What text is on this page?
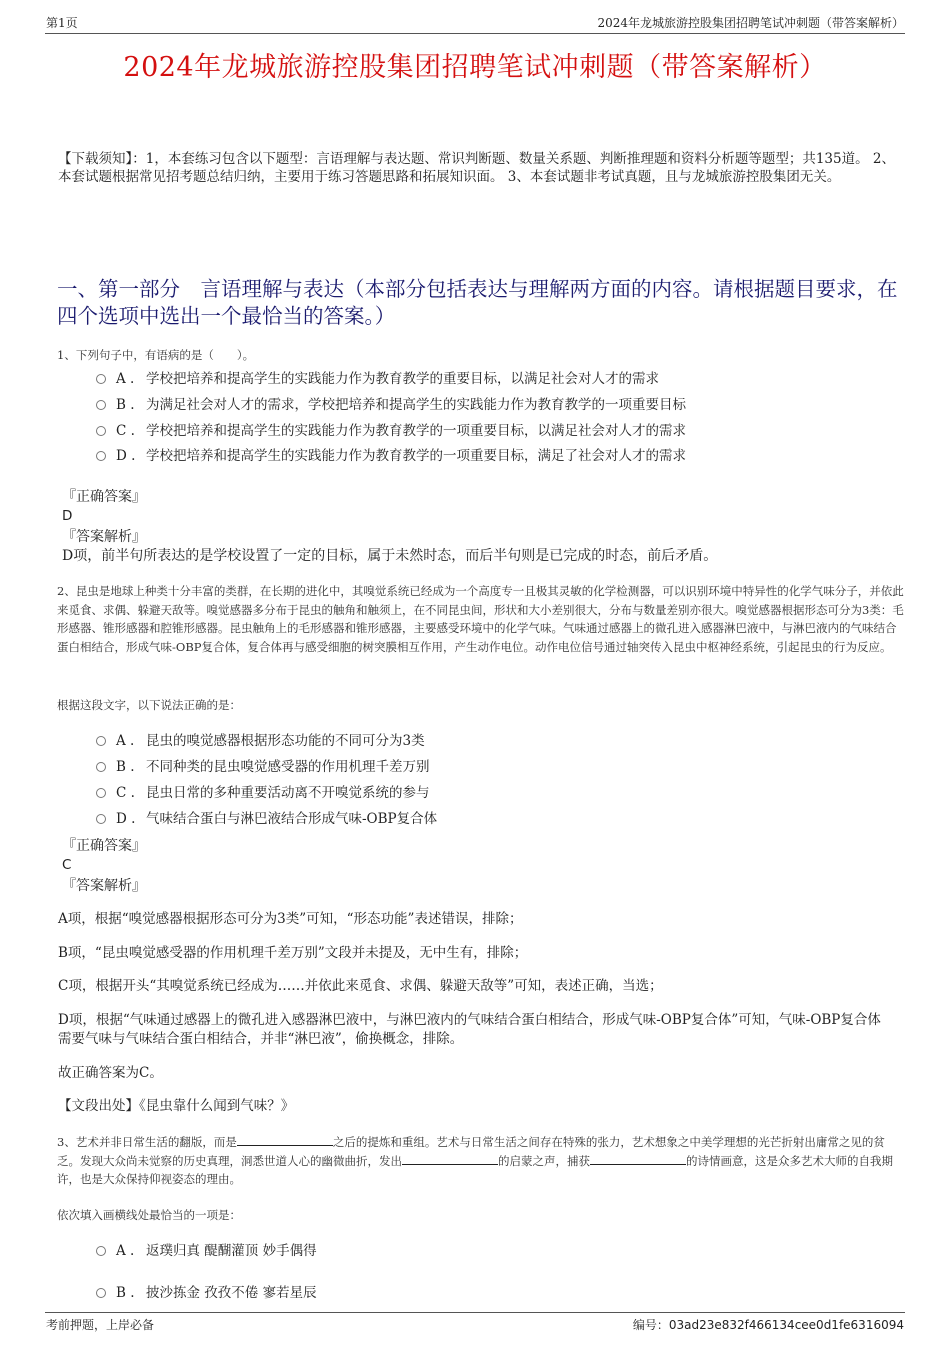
第1页	2024年龙城旅游控股集团招聘笔试冲刺题（带答案解析）
2024年龙城旅游控股集团招聘笔试冲刺题（带答案解析）
【下载须知】：1，本套练习包含以下题型：言语理解与表达题、常识判断题、数量关系题、判断推理题和资料分析题等题型；共135道。 2、本套试题根据常见招考题总结归纳，主要用于练习答题思路和拓展知识面。 3、本套试题非考试真题，且与龙城旅游控股集团无关。
一、第一部分　言语理解与表达（本部分包括表达与理解两方面的内容。请根据题目要求，在四个选项中选出一个最恰当的答案。）
1、下列句子中，有语病的是（　　）。
A . 学校把培养和提高学生的实践能力作为教育教学的重要目标，以满足社会对人才的需求
B . 为满足社会对人才的需求，学校把培养和提高学生的实践能力作为教育教学的一项重要目标
C . 学校把培养和提高学生的实践能力作为教育教学的一项重要目标，以满足社会对人才的需求
D . 学校把培养和提高学生的实践能力作为教育教学的一项重要目标，满足了社会对人才的需求
『正确答案』
D
『答案解析』
D项，前半句所表达的是学校设置了一定的目标，属于未然时态，而后半句则是已完成的时态，前后矛盾。
2、昆虫是地球上种类十分丰富的类群，在长期的进化中，其嗅觉系统已经成为一个高度专一且极其灵敏的化学检测器，可以识别环境中特异性的化学气味分子，并依此来觅食、求偶、躲避天敌等。嗅觉感器多分布于昆虫的触角和触须上，在不同昆虫间，形状和大小差别很大，分布与数量差别亦很大。嗅觉感器根据形态可分为3类：毛形感器、锥形感器和腔锥形感器。昆虫触角上的毛形感器和锥形感器，主要感受环境中的化学气味。气味通过感器上的微孔进入感器淋巴液中，与淋巴液内的气味结合蛋白相结合，形成气味-OBP复合体，复合体再与感受细胞的树突膜相互作用，产生动作电位。动作电位信号通过轴突传入昆虫中枢神经系统，引起昆虫的行为反应。
根据这段文字，以下说法正确的是：
A . 昆虫的嗅觉感器根据形态功能的不同可分为3类
B . 不同种类的昆虫嗅觉感受器的作用机理千差万别
C . 昆虫日常的多种重要活动离不开嗅觉系统的参与
D . 气味结合蛋白与淋巴液结合形成气味-OBP复合体
『正确答案』
C
『答案解析』
A项，根据“嗅觉感器根据形态可分为3类”可知，“形态功能”表述错误，排除；
B项，“昆虫嗅觉感受器的作用机理千差万别”文段并未提及，无中生有，排除；
C项，根据开头“其嗅觉系统已经成为……并依此来觅食、求偶、躲避天敌等”可知，表述正确，当选；
D项，根据“气味通过感器上的微孔进入感器淋巴液中，与淋巴液内的气味结合蛋白相结合，形成气味-OBP复合体”可知，气味-OBP复合体需要气味与气味结合蛋白相结合，并非“淋巴液”，偷换概念，排除。
故正确答案为C。
【文段出处】《昆虫靠什么闻到气味？》
3、艺术并非日常生活的翻版，而是	之后的提炼和重组。艺术与日常生活之间存在特殊的张力，艺术想象之中美学理想的光芒折射出庸常之见的贫乏。发现大众尚未觉察的历史真理，洞悉世道人心的幽微曲折，发出	的启蒙之声，捕获	的诗情画意，这是众多艺术大师的自我期许，也是大众保持仰视姿态的理由。
依次填入画横线处最恰当的一项是：
A . 返璞归真 醍醐灌顶 妙手偶得
B . 披沙拣金 孜孜不倦 寥若星辰
考前押题，上岸必备	编号：03ad23e832f466134cee0d1fe6316094
